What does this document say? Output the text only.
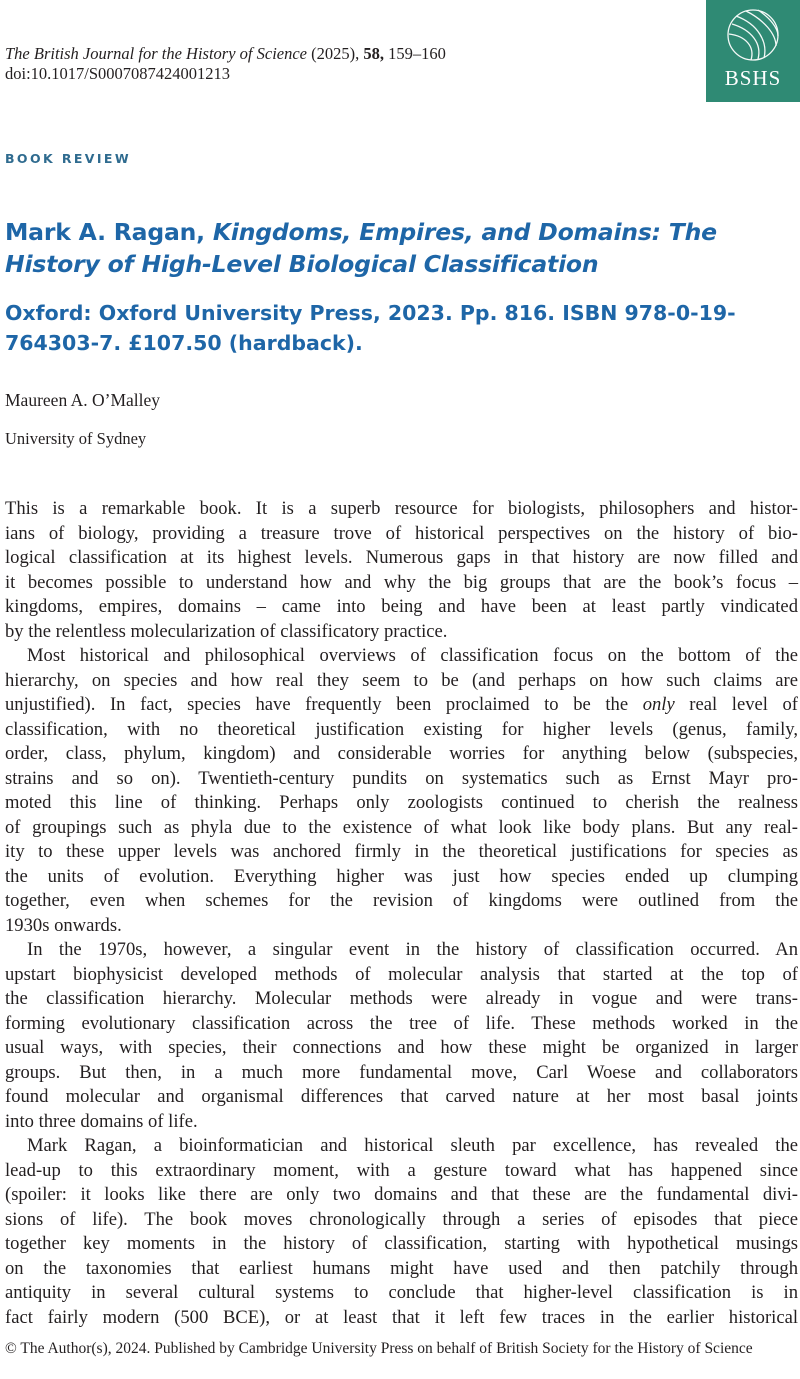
The British Journal for the History of Science (2025), 58, 159–160
doi:10.1017/S0007087424001213	BSHS
BOOK REVIEW
Mark A. Ragan, Kingdoms, Empires, and Domains: The
History of High-Level Biological Classification
Oxford: Oxford University Press, 2023. Pp. 816. ISBN 978-0-19-
764303-7. £107.50 (hardback).
Maureen A. O’Malley
University of Sydney

This is a remarkable book. It is a superb resource for biologists, philosophers and histor-
ians of biology, providing a treasure trove of historical perspectives on the history of bio-
logical classification at its highest levels. Numerous gaps in that history are now filled and
it becomes possible to understand how and why the big groups that are the book’s focus –
kingdoms, empires, domains – came into being and have been at least partly vindicated
by the relentless molecularization of classificatory practice.

Most historical and philosophical overviews of classification focus on the bottom of the
hierarchy, on species and how real they seem to be (and perhaps on how such claims are
unjustified). In fact, species have frequently been proclaimed to be the only real level of
classification, with no theoretical justification existing for higher levels (genus, family,
order, class, phylum, kingdom) and considerable worries for anything below (subspecies,
strains and so on). Twentieth-century pundits on systematics such as Ernst Mayr pro-
moted this line of thinking. Perhaps only zoologists continued to cherish the realness
of groupings such as phyla due to the existence of what look like body plans. But any real-
ity to these upper levels was anchored firmly in the theoretical justifications for species as
the units of evolution. Everything higher was just how species ended up clumping
together, even when schemes for the revision of kingdoms were outlined from the
1930s onwards.

In the 1970s, however, a singular event in the history of classification occurred. An
upstart biophysicist developed methods of molecular analysis that started at the top of
the classification hierarchy. Molecular methods were already in vogue and were trans-
forming evolutionary classification across the tree of life. These methods worked in the
usual ways, with species, their connections and how these might be organized in larger
groups. But then, in a much more fundamental move, Carl Woese and collaborators
found molecular and organismal differences that carved nature at her most basal joints
into three domains of life.

Mark Ragan, a bioinformatician and historical sleuth par excellence, has revealed the
lead-up to this extraordinary moment, with a gesture toward what has happened since
(spoiler: it looks like there are only two domains and that these are the fundamental divi-
sions of life). The book moves chronologically through a series of episodes that piece
together key moments in the history of classification, starting with hypothetical musings
on the taxonomies that earliest humans might have used and then patchily through
antiquity in several cultural systems to conclude that higher-level classification is in
fact fairly modern (500 BCE), or at least that it left few traces in the earlier historical

© The Author(s), 2024. Published by Cambridge University Press on behalf of British Society for the History of Science
